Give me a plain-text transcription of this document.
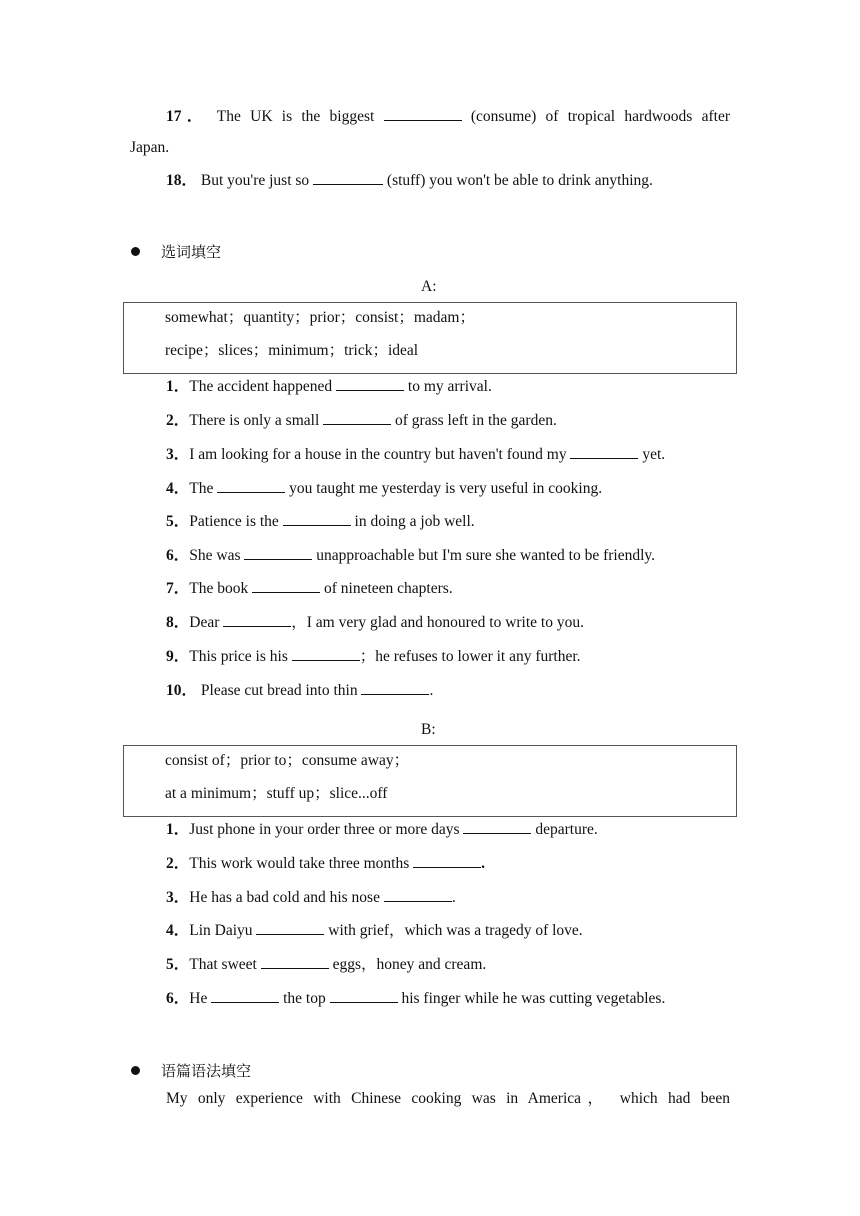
17． The UK is the biggest	(consume) of tropical hardwoods after
Japan.
18． But you're just so	(stuff) you won't be able to drink anything.
选词填空
A:
somewhat；quantity；prior；consist；madam；
recipe；slices；minimum；trick；ideal
1．The accident happened	to my arrival.
2．There is only a small	of grass left in the garden.
3．I am looking for a house in the country but haven't found my	yet.
4．The	you taught me yesterday is very useful in cooking.
5．Patience is the	in doing a job well.
6．She was	unapproachable but I'm sure she wanted to be friendly.
7．The book	of nineteen chapters.
8．Dear	，I am very glad and honoured to write to you.
9．This price is his	；he refuses to lower it any further.
10． Please cut bread into thin	.
B:
consist of；prior to；consume away；
at a minimum；stuff up；slice...off
1．Just phone in your order three or more days	departure.
2．This work would take three months	.
3．He has a bad cold and his nose	.
4．Lin Daiyu	with grief，which was a tragedy of love.
5．That sweet	eggs，honey and cream.
6．He	the top	his finger while he was cutting vegetables.
语篇语法填空
My only experience with Chinese cooking was in America， which had been
